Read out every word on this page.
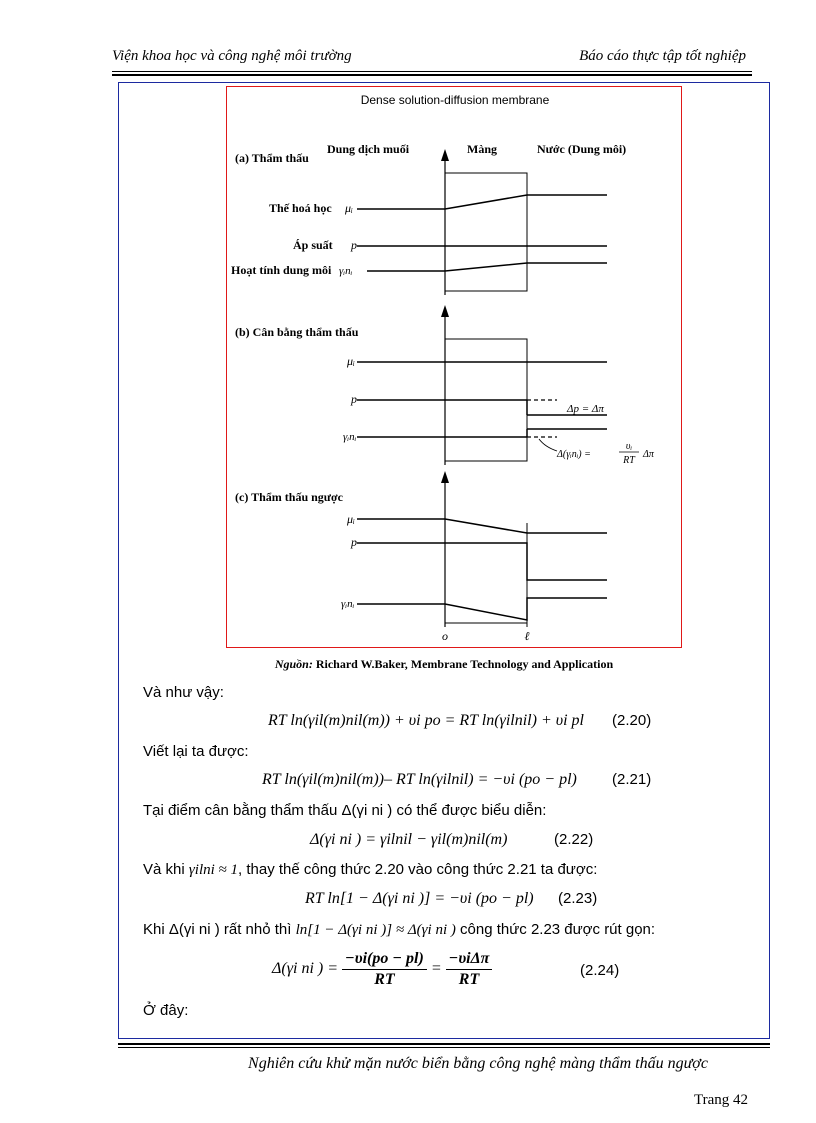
Viện khoa học và công nghệ môi trường	Báo cáo thực tập tốt nghiệp
Dense solution-diffusion membrane
Dung dịch muối	Màng	Nước (Dung môi)
(a) Thẩm thấu
Thế hoá học μᵢ
Áp suất p
Hoạt tính dung môi γᵢnᵢ
(b) Cân bằng thẩm thấu
μᵢ
p
Δp = Δπ
γᵢnᵢ
Δ(γᵢnᵢ) =
υᵢ
RT
Δπ
(c) Thẩm thấu ngược
μᵢ
p
γᵢnᵢ
o	ℓ
Nguồn: Richard W.Baker, Membrane Technology and Application
Và như vậy:
RT ln(γil(m)nil(m)) + υi po = RT ln(γilnil) + υi pl (2.20)
Viết lại ta được:
RT ln(γil(m)nil(m))– RT ln(γilnil) = −υi (po − pl) (2.21)
Tại điểm cân bằng thẩm thấu Δ(γi ni ) có thể được biểu diễn:
Δ(γi ni ) = γilnil − γil(m)nil(m)	(2.22)
Và khi γilni ≈ 1, thay thế công thức 2.20 vào công thức 2.21 ta được:
RT ln[1 − Δ(γi ni )] = −υi (po − pl) (2.23)
Khi Δ(γi ni ) rất nhỏ thì ln[1 − Δ(γi ni )] ≈ Δ(γi ni ) công thức 2.23 được rút gọn:
Δ(γi ni ) = $\frac{-\upsilon i(po - pl)}{RT} = \frac{\text{−υiΔπ}}{RT}$	(2.24)
Ở đây:
Nghiên cứu khử mặn nước biển bằng công nghệ màng thẩm thấu ngược
Trang 42
